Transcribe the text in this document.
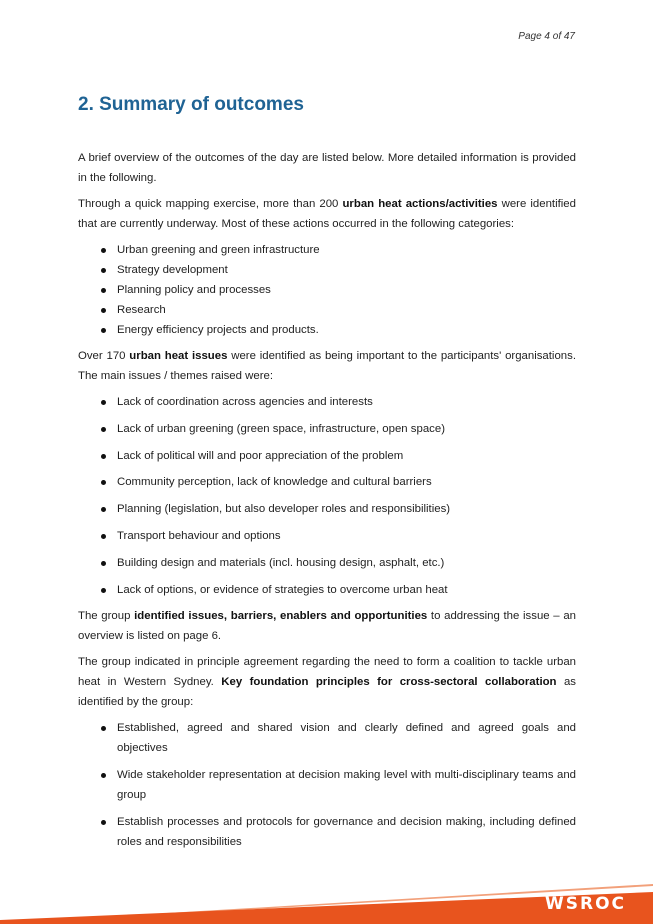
Page 4 of 47
2. Summary of outcomes

A brief overview of the outcomes of the day are listed below. More detailed information is provided in the following.

Through a quick mapping exercise, more than 200 urban heat actions/activities were identified that are currently underway. Most of these actions occurred in the following categories:

Urban greening and green infrastructure
Strategy development
Planning policy and processes
Research
Energy efficiency projects and products.

Over 170 urban heat issues were identified as being important to the participants' organisations. The main issues / themes raised were:

Lack of coordination across agencies and interests
Lack of urban greening (green space, infrastructure, open space)
Lack of political will and poor appreciation of the problem
Community perception, lack of knowledge and cultural barriers
Planning (legislation, but also developer roles and responsibilities)
Transport behaviour and options
Building design and materials (incl. housing design, asphalt, etc.)
Lack of options, or evidence of strategies to overcome urban heat

The group identified issues, barriers, enablers and opportunities to addressing the issue – an overview is listed on page 6.

The group indicated in principle agreement regarding the need to form a coalition to tackle urban heat in Western Sydney. Key foundation principles for cross-sectoral collaboration as identified by the group:

Established, agreed and shared vision and clearly defined and agreed goals and objectives
Wide stakeholder representation at decision making level with multi-disciplinary teams and group
Establish processes and protocols for governance and decision making, including defined roles and responsibilities
WSROC
